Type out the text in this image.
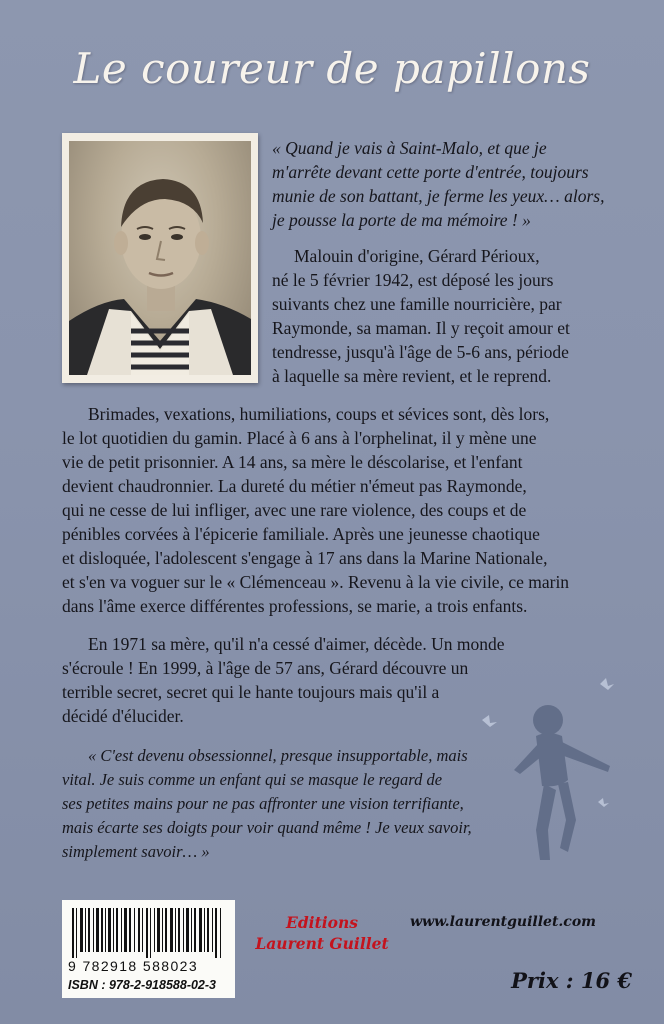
Le coureur de papillons
« Quand je vais à Saint-Malo, et que je
m'arrête devant cette porte d'entrée, toujours
munie de son battant, je ferme les yeux… alors,
je pousse la porte de ma mémoire ! »
Malouin d'origine, Gérard Périoux,
né le 5 février 1942, est déposé les jours
suivants chez une famille nourricière, par
Raymonde, sa maman. Il y reçoit amour et
tendresse, jusqu'à l'âge de 5-6 ans, période
à laquelle sa mère revient, et le reprend.
Brimades, vexations, humiliations, coups et sévices sont, dès lors,
le lot quotidien du gamin. Placé à 6 ans à l'orphelinat, il y mène une
vie de petit prisonnier. A 14 ans, sa mère le déscolarise, et l'enfant
devient chaudronnier. La dureté du métier n'émeut pas Raymonde,
qui ne cesse de lui infliger, avec une rare violence, des coups et de
pénibles corvées à l'épicerie familiale. Après une jeunesse chaotique
et disloquée, l'adolescent s'engage à 17 ans dans la Marine Nationale,
et s'en va voguer sur le « Clémenceau ». Revenu à la vie civile, ce marin
dans l'âme exerce différentes professions, se marie, a trois enfants.
En 1971 sa mère, qu'il n'a cessé d'aimer, décède. Un monde
s'écroule ! En 1999, à l'âge de 57 ans, Gérard découvre un
terrible secret, secret qui le hante toujours mais qu'il a
décidé d'élucider.
« C'est devenu obsessionnel, presque insupportable, mais
vital. Je suis comme un enfant qui se masque le regard de
ses petites mains pour ne pas affronter une vision terrifiante,
mais écarte ses doigts pour voir quand même ! Je veux savoir,
simplement savoir… »
9 782918 588023
ISBN : 978-2-918588-02-3
Editions
Laurent Guillet
www.laurentguillet.com
Prix : 16 €
